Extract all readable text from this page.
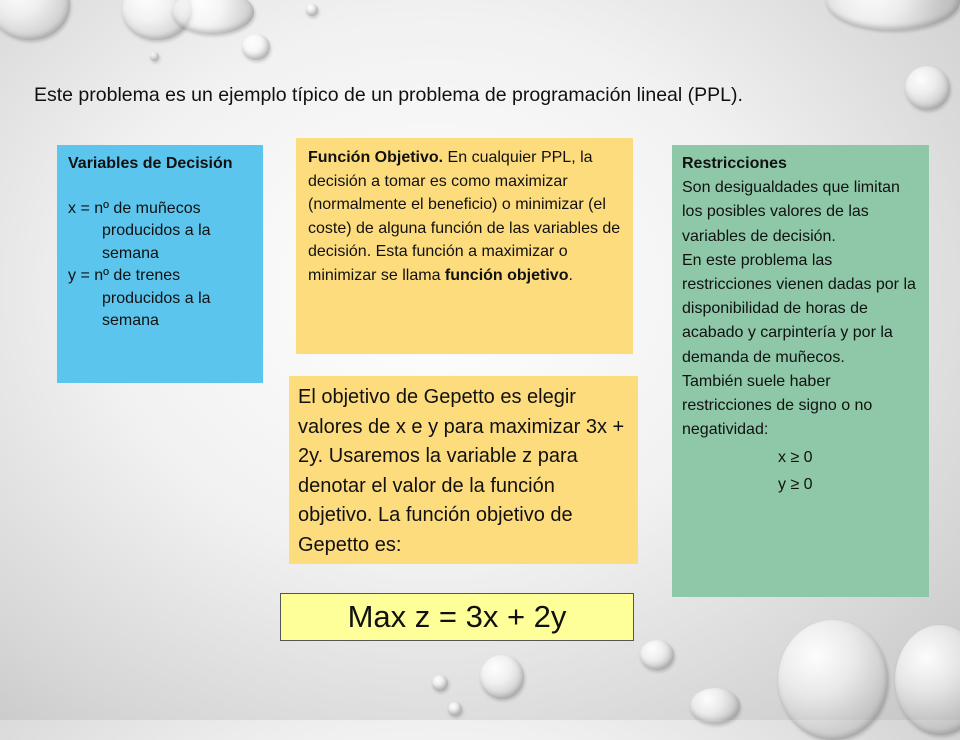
Este problema es un ejemplo típico de un problema de programación lineal (PPL).
Variables de Decisión
x = nº de muñecos
producidos a la
semana
y = nº de trenes
producidos a la
semana
Función Objetivo. En cualquier PPL, la decisión a tomar es como maximizar (normalmente el beneficio) o minimizar (el coste) de alguna función de las variables de decisión. Esta función a maximizar o minimizar se llama función objetivo.
Restricciones
Son desigualdades que limitan los posibles valores de las variables de decisión.
En este problema las restricciones vienen dadas por la disponibilidad de horas de acabado y carpintería y por la demanda de muñecos.
También suele haber restricciones de signo o no negatividad:
x ≥ 0
y ≥ 0
El objetivo de Gepetto es elegir valores de x e y para maximizar 3x + 2y. Usaremos la variable z para denotar el valor de la función objetivo. La función objetivo de Gepetto es:
Max z = 3x + 2y
